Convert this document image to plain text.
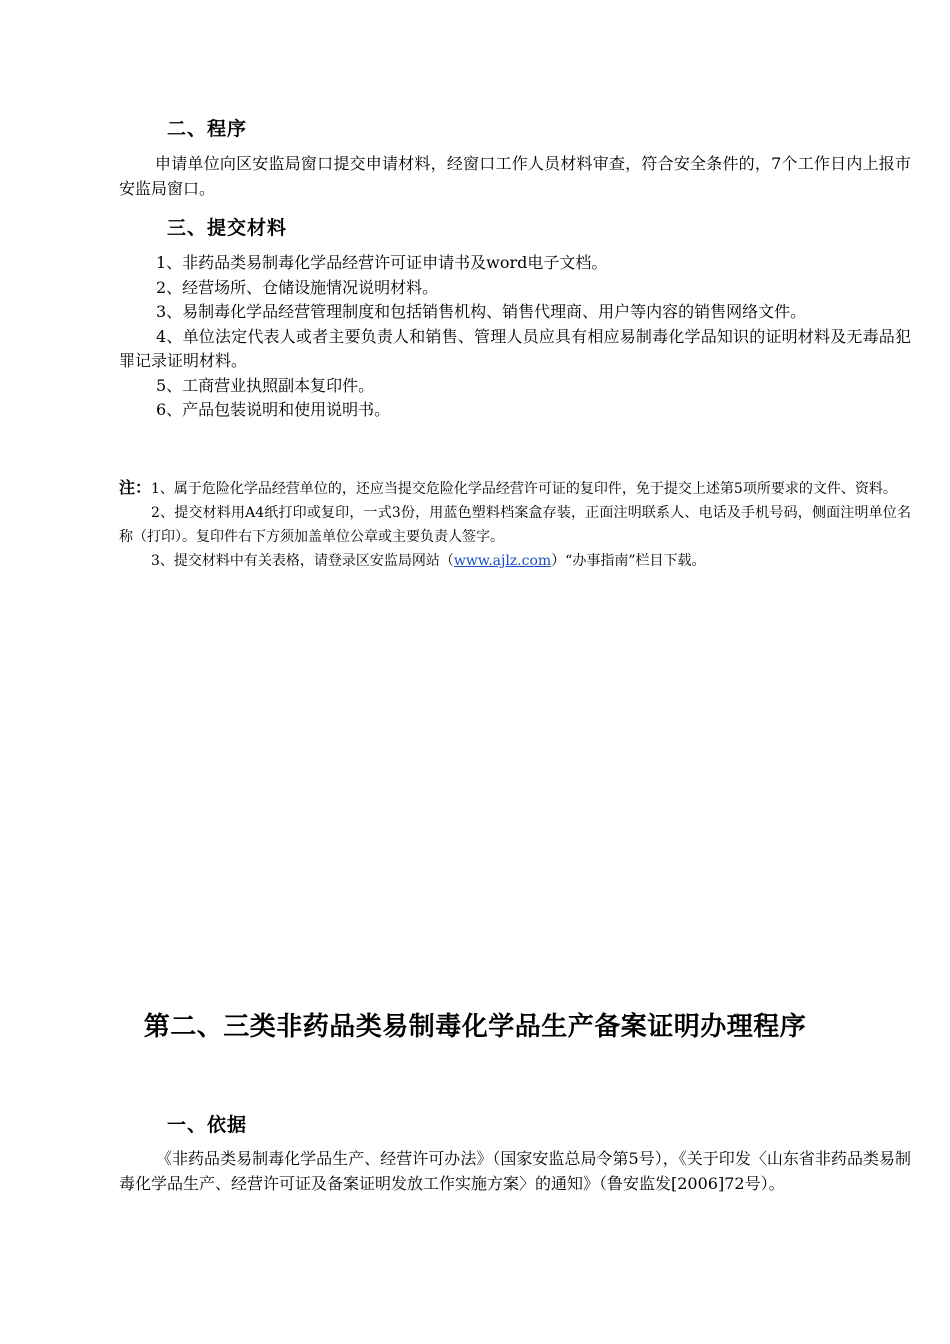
二、程序

申请单位向区安监局窗口提交申请材料，经窗口工作人员材料审查，符合安全条件的，7个工作日内上报市安监局窗口。

三、提交材料

1、非药品类易制毒化学品经营许可证申请书及word电子文档。

2、经营场所、仓储设施情况说明材料。

3、易制毒化学品经营管理制度和包括销售机构、销售代理商、用户等内容的销售网络文件。

4、单位法定代表人或者主要负责人和销售、管理人员应具有相应易制毒化学品知识的证明材料及无毒品犯罪记录证明材料。

5、工商营业执照副本复印件。

6、产品包装说明和使用说明书。

注：1、属于危险化学品经营单位的，还应当提交危险化学品经营许可证的复印件，免于提交上述第5项所要求的文件、资料。

2、提交材料用A4纸打印或复印，一式3份，用蓝色塑料档案盒存装，正面注明联系人、电话及手机号码，侧面注明单位名称（打印）。复印件右下方须加盖单位公章或主要负责人签字。

3、提交材料中有关表格，请登录区安监局网站（www.ajlz.com）“办事指南”栏目下载。

第二、三类非药品类易制毒化学品生产备案证明办理程序
一、依据

《非药品类易制毒化学品生产、经营许可办法》（国家安监总局令第5号），《关于印发〈山东省非药品类易制毒化学品生产、经营许可证及备案证明发放工作实施方案〉的通知》（鲁安监发[2006]72号）。
